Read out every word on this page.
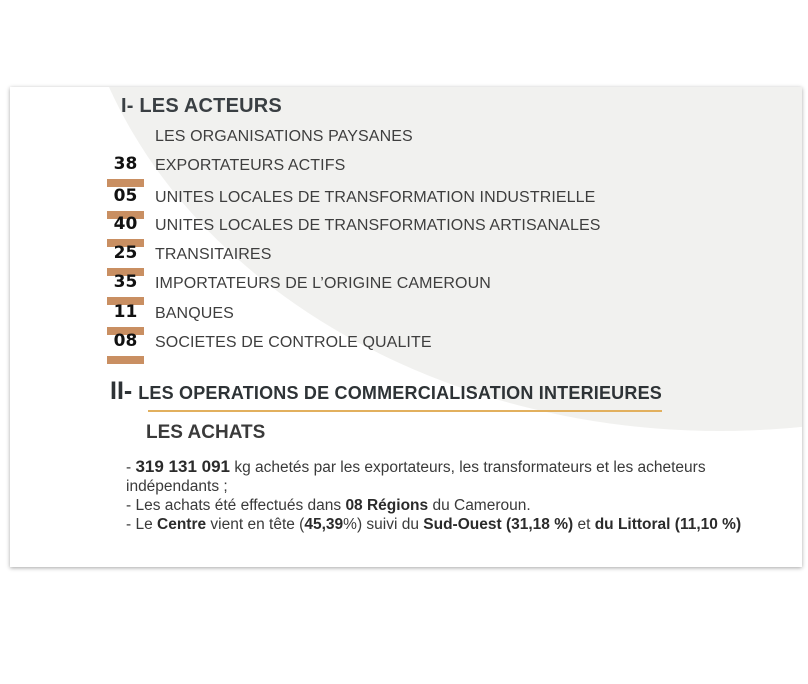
I- LES ACTEURS
LES ORGANISATIONS PAYSANES
38	EXPORTATEURS ACTIFS
05	UNITES LOCALES DE TRANSFORMATION INDUSTRIELLE
40	UNITES LOCALES DE TRANSFORMATIONS ARTISANALES
25	TRANSITAIRES
35	IMPORTATEURS DE L’ORIGINE CAMEROUN
11	BANQUES
08	SOCIETES DE CONTROLE QUALITE
II- LES OPERATIONS DE COMMERCIALISATION INTERIEURES
LES ACHATS
- 319 131 091 kg achetés par les exportateurs, les transformateurs et les acheteurs indépendants ;
- Les achats été effectués dans 08 Régions du Cameroun.
- Le Centre vient en tête (45,39%) suivi du Sud-Ouest (31,18 %) et du Littoral (11,10 %)
